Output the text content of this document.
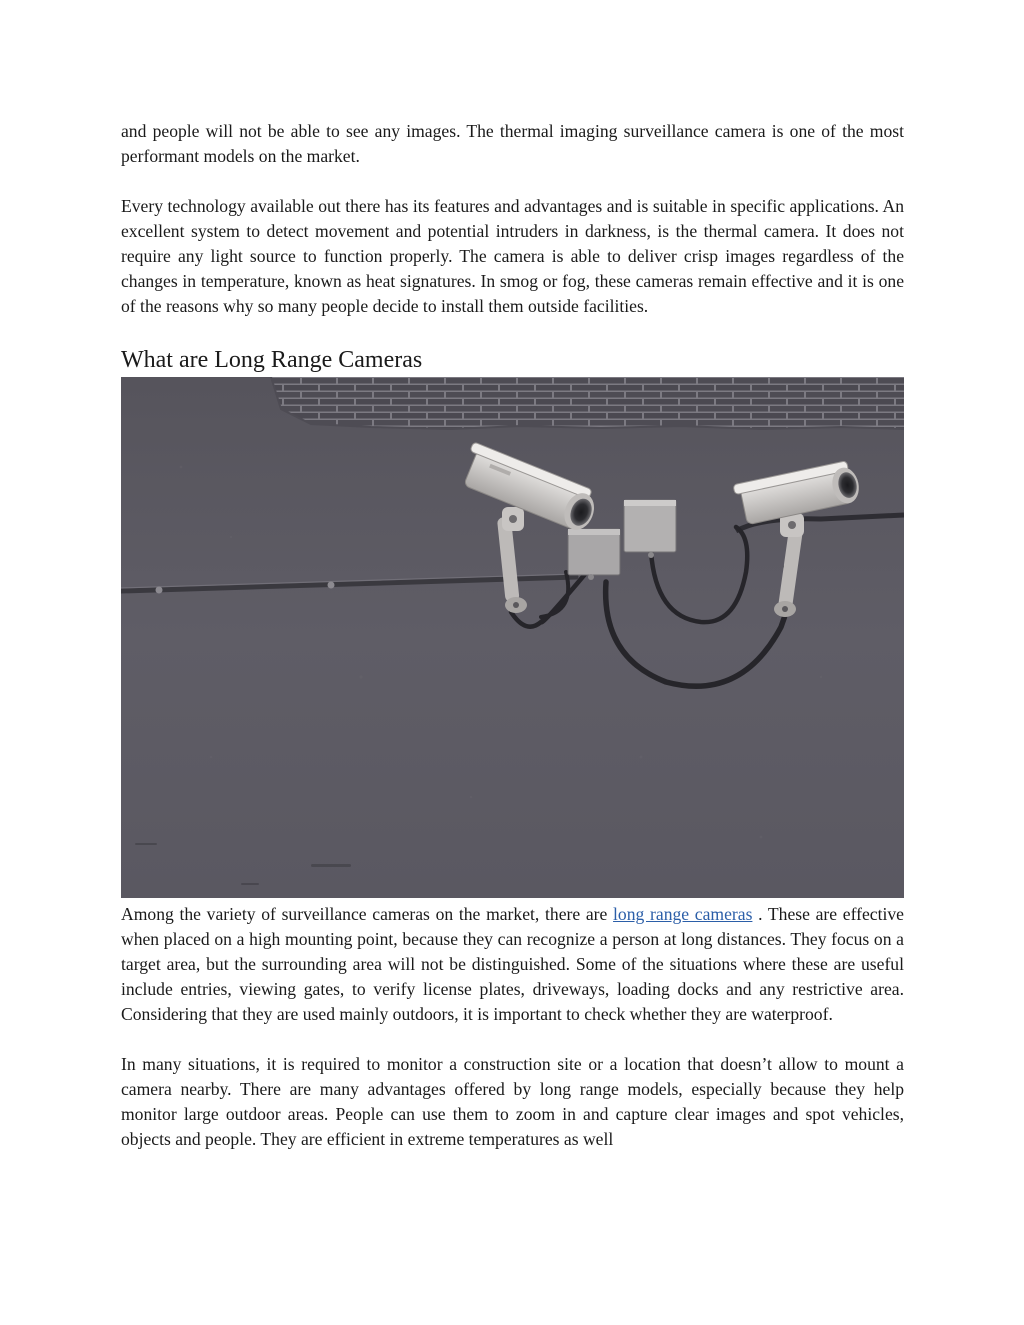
and people will not be able to see any images. The thermal imaging surveillance camera is one of the most performant models on the market.

Every technology available out there has its features and advantages and is suitable in specific applications. An excellent system to detect movement and potential intruders in darkness, is the thermal camera. It does not require any light source to function properly. The camera is able to deliver crisp images regardless of the changes in temperature, known as heat signatures. In smog or fog, these cameras remain effective and it is one of the reasons why so many people decide to install them outside facilities.

What are Long Range Cameras

Among the variety of surveillance cameras on the market, there are long range cameras . These are effective when placed on a high mounting point, because they can recognize a person at long distances. They focus on a target area, but the surrounding area will not be distinguished. Some of the situations where these are useful include entries, viewing gates, to verify license plates, driveways, loading docks and any restrictive area. Considering that they are used mainly outdoors, it is important to check whether they are waterproof.

In many situations, it is required to monitor a construction site or a location that doesn’t allow to mount a camera nearby. There are many advantages offered by long range models, especially because they help monitor large outdoor areas. People can use them to zoom in and capture clear images and spot vehicles, objects and people. They are efficient in extreme temperatures as well
